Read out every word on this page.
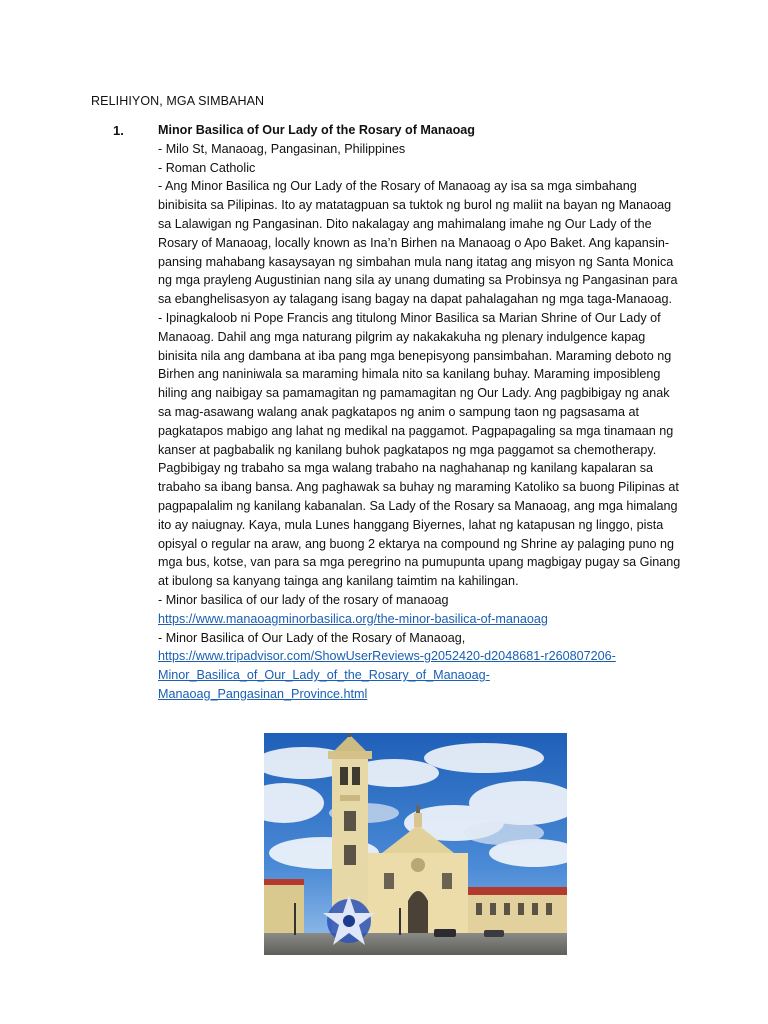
RELIHIYON, MGA SIMBAHAN
1.	Minor Basilica of Our Lady of the Rosary of Manaoag
- Milo St, Manaoag, Pangasinan, Philippines
- Roman Catholic
- Ang Minor Basilica ng Our Lady of the Rosary of Manaoag ay isa sa mga simbahang
binibisita sa Pilipinas. Ito ay matatagpuan sa tuktok ng burol ng maliit na bayan ng Manaoag
sa Lalawigan ng Pangasinan. Dito nakalagay ang mahimalang imahe ng Our Lady of the
Rosary of Manaoag, locally known as Ina’n Birhen na Manaoag o Apo Baket. Ang kapansin-
pansing mahabang kasaysayan ng simbahan mula nang itatag ang misyon ng Santa Monica
ng mga prayleng Augustinian nang sila ay unang dumating sa Probinsya ng Pangasinan para
sa ebanghelisasyon ay talagang isang bagay na dapat pahalagahan ng mga taga-Manaoag.
- Ipinagkaloob ni Pope Francis ang titulong Minor Basilica sa Marian Shrine of Our Lady of
Manaoag. Dahil ang mga naturang pilgrim ay nakakakuha ng plenary indulgence kapag
binisita nila ang dambana at iba pang mga benepisyong pansimbahan. Maraming deboto ng
Birhen ang naniniwala sa maraming himala nito sa kanilang buhay. Maraming imposibleng
hiling ang naibigay sa pamamagitan ng pamamagitan ng Our Lady. Ang pagbibigay ng anak
sa mag-asawang walang anak pagkatapos ng anim o sampung taon ng pagsasama at
pagkatapos mabigo ang lahat ng medikal na paggamot. Pagpapagaling sa mga tinamaan ng
kanser at pagbabalik ng kanilang buhok pagkatapos ng mga paggamot sa chemotherapy.
Pagbibigay ng trabaho sa mga walang trabaho na naghahanap ng kanilang kapalaran sa
trabaho sa ibang bansa. Ang paghawak sa buhay ng maraming Katoliko sa buong Pilipinas at
pagpapalalim ng kanilang kabanalan. Sa Lady of the Rosary sa Manaoag, ang mga himalang
ito ay naiugnay. Kaya, mula Lunes hanggang Biyernes, lahat ng katapusan ng linggo, pista
opisyal o regular na araw, ang buong 2 ektarya na compound ng Shrine ay palaging puno ng
mga bus, kotse, van para sa mga peregrino na pumupunta upang magbigay pugay sa Ginang
at ibulong sa kanyang tainga ang kanilang taimtim na kahilingan.
- Minor basilica of our lady of the rosary of manaoag
https://www.manaoagminorbasilica.org/the-minor-basilica-of-manaoag
- Minor Basilica of Our Lady of the Rosary of Manaoag,
https://www.tripadvisor.com/ShowUserReviews-g2052420-d2048681-r260807206-
Minor_Basilica_of_Our_Lady_of_the_Rosary_of_Manaoag-
Manaoag_Pangasinan_Province.html
